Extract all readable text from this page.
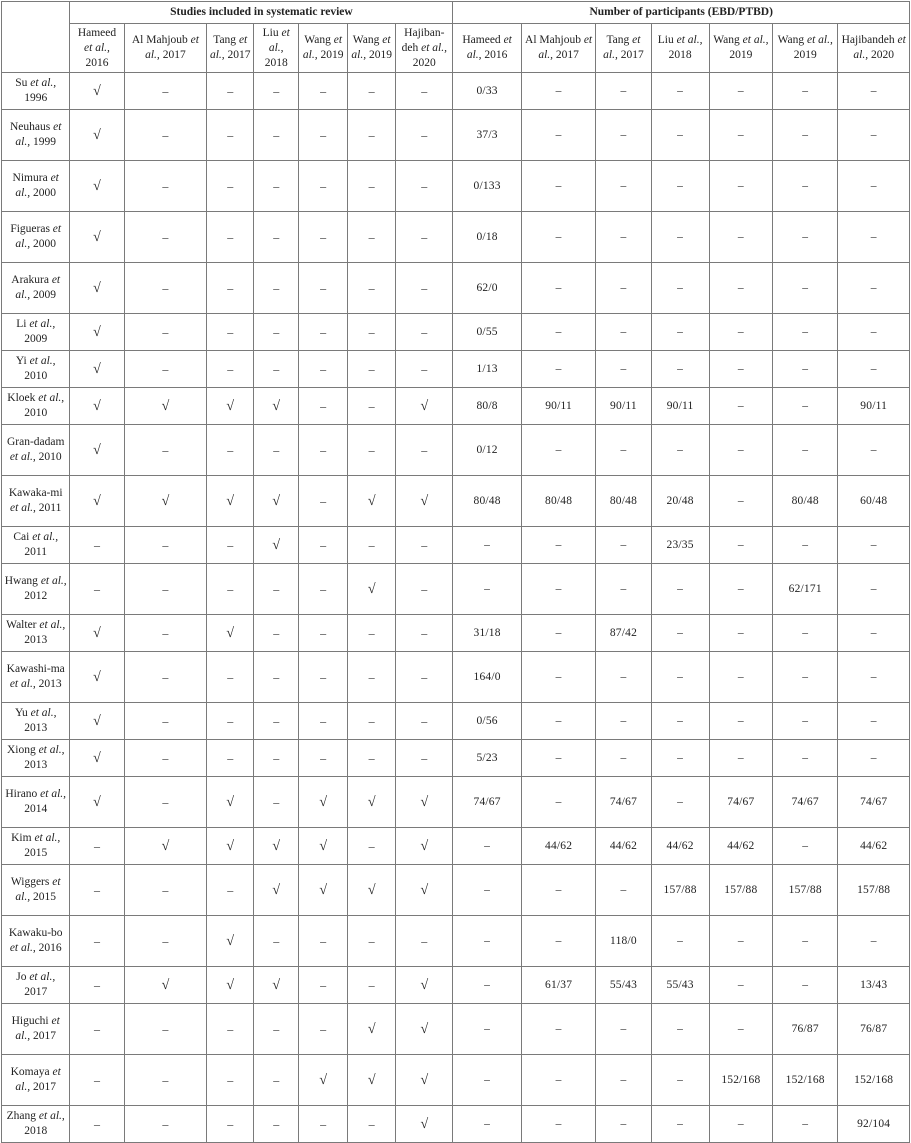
	Studies included in systematic review							Number of participants (EBD/PTBD)						
	Hameed et al., 2016	Al Mahjoub et al., 2017	Tang et al., 2017	Liu et al., 2018	Wang et al., 2019	Wang et al., 2019	Hajiban- deh et al., 2020	Hameed et al., 2016	Al Mahjoub et al., 2017	Tang et al., 2017	Liu et al., 2018	Wang et al., 2019	Wang et al., 2019	Hajibandeh et al., 2020
Su et al., 1996	√	–	–	–	–	–	–	0/33	–	–	–	–	–	–
Neuhaus et al., 1999	√	–	–	–	–	–	–	37/3	–	–	–	–	–	–
Nimura et al., 2000	√	–	–	–	–	–	–	0/133	–	–	–	–	–	–
Figueras et al., 2000	√	–	–	–	–	–	–	0/18	–	–	–	–	–	–
Arakura et al., 2009	√	–	–	–	–	–	–	62/0	–	–	–	–	–	–
Li et al., 2009	√	–	–	–	–	–	–	0/55	–	–	–	–	–	–
Yi et al., 2010	√	–	–	–	–	–	–	1/13	–	–	–	–	–	–
Kloek et al., 2010	√	√	√	√	–	–	√	80/8	90/11	90/11	90/11	–	–	90/11
Gran-dadam et al., 2010	√	–	–	–	–	–	–	0/12	–	–	–	–	–	–
Kawaka-mi et al., 2011	√	√	√	√	–	√	√	80/48	80/48	80/48	20/48	–	80/48	60/48
Cai et al., 2011	–	–	–	√	–	–	–	–	–	–	23/35	–	–	–
Hwang et al., 2012	–	–	–	–	–	√	–	–	–	–	–	–	62/171	–
Walter et al., 2013	√	–	√	–	–	–	–	31/18	–	87/42	–	–	–	–
Kawashi-ma et al., 2013	√	–	–	–	–	–	–	164/0	–	–	–	–	–	–
Yu et al., 2013	√	–	–	–	–	–	–	0/56	–	–	–	–	–	–
Xiong et al., 2013	√	–	–	–	–	–	–	5/23	–	–	–	–	–	–
Hirano et al., 2014	√	–	√	–	√	√	√	74/67	–	74/67	–	74/67	74/67	74/67
Kim et al., 2015	–	√	√	√	√	–	√	–	44/62	44/62	44/62	44/62	–	44/62
Wiggers et al., 2015	–	–	–	√	√	√	√	–	–	–	157/88	157/88	157/88	157/88
Kawaku-bo et al., 2016	–	–	√	–	–	–	–	–	–	118/0	–	–	–	–
Jo et al., 2017	–	√	√	√	–	–	√	–	61/37	55/43	55/43	–	–	13/43
Higuchi et al., 2017	–	–	–	–	–	√	√	–	–	–	–	–	76/87	76/87
Komaya et al., 2017	–	–	–	–	√	√	√	–	–	–	–	152/168	152/168	152/168
Zhang et al., 2018	–	–	–	–	–	–	√	–	–	–	–	–	–	92/104
